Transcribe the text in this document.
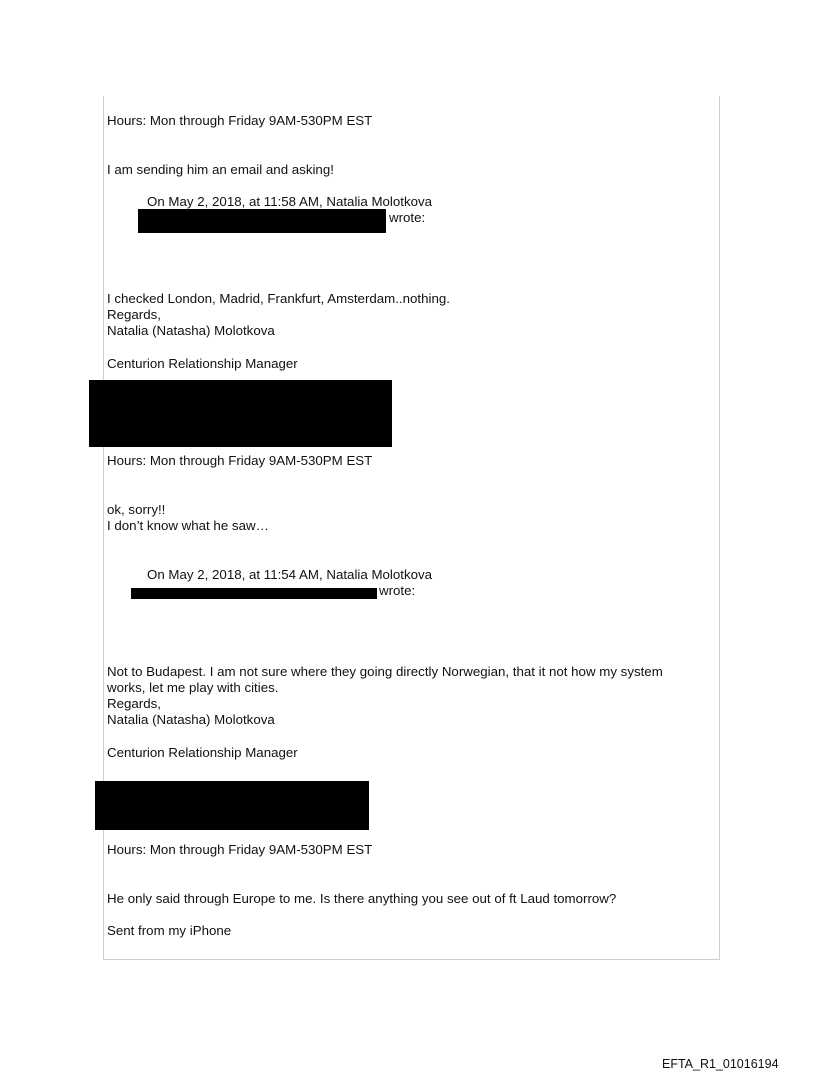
Hours: Mon through Friday 9AM-530PM EST
I am sending him an email and asking!
On May 2, 2018, at 11:58 AM, Natalia Molotkova
wrote:
I checked London, Madrid, Frankfurt, Amsterdam..nothing.
Regards,
Natalia (Natasha) Molotkova
Centurion Relationship Manager
Hours: Mon through Friday 9AM-530PM EST
ok, sorry!!
I don’t know what he saw…
On May 2, 2018, at 11:54 AM, Natalia Molotkova
wrote:
Not to Budapest. I am not sure where they going directly Norwegian, that it not how my system
works, let me play with cities.
Regards,
Natalia (Natasha) Molotkova
Centurion Relationship Manager
Hours: Mon through Friday 9AM-530PM EST
He only said through Europe to me. Is there anything you see out of ft Laud tomorrow?
Sent from my iPhone
EFTA_R1_01016194
